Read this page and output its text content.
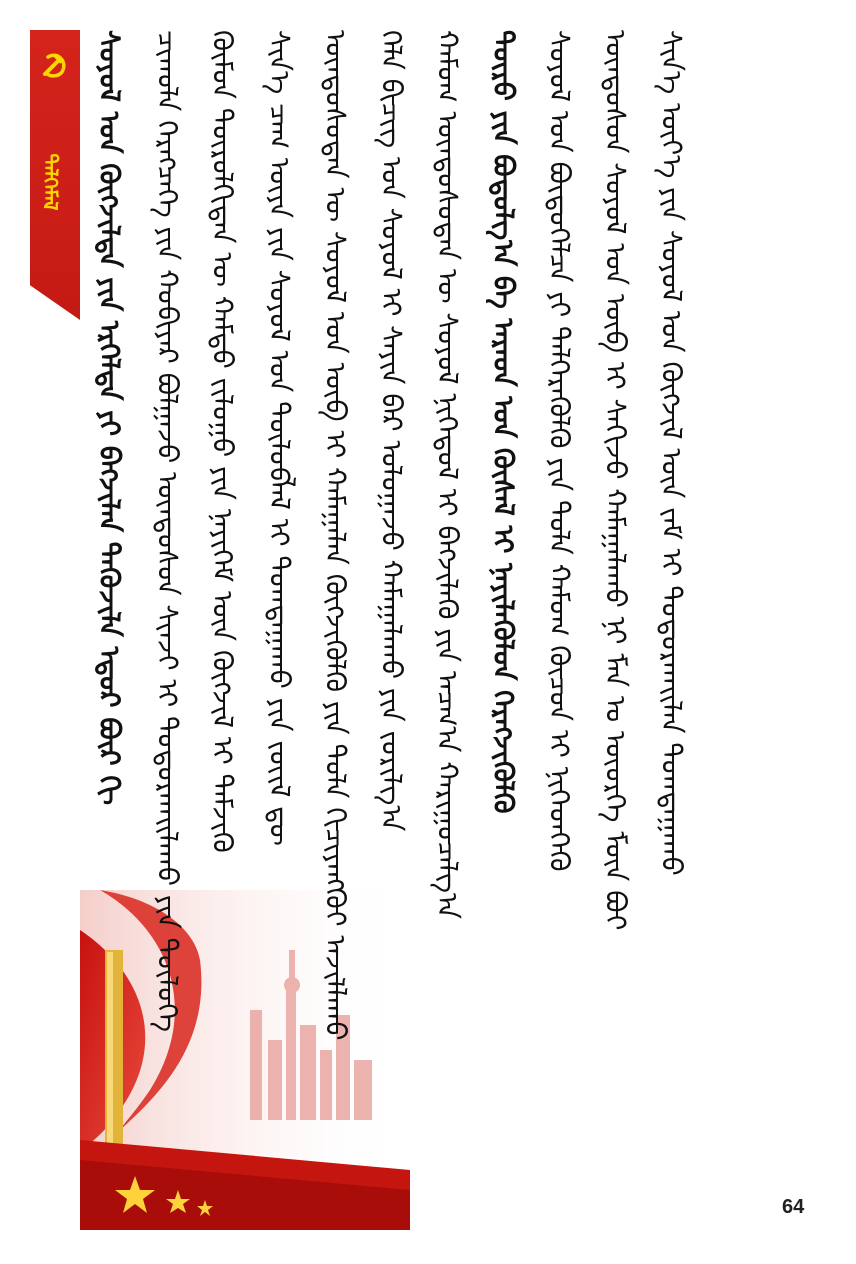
ᠳᠡᠯᠭᠡᠮᠡᠯ	ᠰᠤᠶᠤᠯ ᠤᠨ ᠬᠥᠭᠵᠢᠯᠲᠡ ᠶᠢᠨ ᠡᠷᠭᠡᠯᠲᠡ ᠶᠢ ᠪᠡᠬᠵᠢᠯᠡᠨ ᠲᠡᠭᠦᠵᠢᠯᠡ ᠡᠳᠦᠷ ᠪᠦᠷ ᠬᠢ ᠴᠢᠬᠤᠯᠠ ᠬᠡᠷᠡᠭᠴᠡᠭᠡ ᠶᠢᠨ ᠬᠤᠪᠢᠶᠠᠷ ᠪᠤᠯᠭᠠᠵᠤ ᠦᠨᠳᠦᠰᠦᠨ ᠰᠢᠨᠵᠢ ᠢ ᠲᠤᠳᠤᠷᠬᠠᠢᠯᠠᠬᠤ ᠶᠢᠨ ᠲᠦᠯᠦᠭᠡ ᠬᠦᠮᠦᠨ ᠲᠥᠷᠦᠯᠬᠢᠲᠡᠨ ᠦ ᠬᠠᠮᠲᠤ ᠵᠢᠯᠤᠭᠤ ᠶᠢᠨ ᠨᠡᠶᠢᠭᠡᠮ ᠦᠨ ᠬᠥᠭᠵᠢᠯ ᠢ ᠳᠡᠮᠵᠢᠬᠦ ᠰᠢᠨ᠎ᠡ ᠴᠠᠭ ᠦᠶᠡ ᠶᠢᠨ ᠰᠤᠶᠤᠯ ᠤᠨ ᠲᠥᠯᠦᠪᠯᠡᠯ ᠢ ᠲᠣᠭᠲᠠᠭᠠᠬᠤ ᠶᠢᠨ ᠵᠦᠢᠯ ᠳᠦ ᠦᠨᠳᠦᠰᠦᠲᠡᠨ ᠦ ᠰᠤᠶᠤᠯ ᠤᠨ ᠥᠪ ᠢ ᠬᠠᠮᠠᠭᠠᠯᠠᠨ ᠬᠥᠭᠵᠢᠭᠦᠯᠬᠦ ᠶᠢᠨ ᠲᠤᠯᠠ ᠬᠢᠴᠢᠶᠡᠩᠭᠦᠢ ᠠᠵᠢᠯᠯᠠᠬᠤ ᠬᠡᠯᠡ ᠪᠢᠴᠢᠭ ᠤᠨ ᠰᠤᠶᠤᠯ ᠢ ᠰᠠᠶᠢᠨ ᠪᠠᠷ ᠤᠯᠤᠭᠠᠵᠤ ᠬᠠᠮᠠᠭᠠᠯᠠᠬᠤ ᠶᠢᠨ ᠵᠣᠷᠢᠯᠭ᠎ᠠ ᠬᠠᠮᠤᠭ ᠦᠨᠳᠦᠰᠦᠲᠡᠨ ᠦ ᠰᠤᠶᠤᠯ ᠨᠢᠭᠡᠳᠦᠯ ᠢ ᠪᠡᠬᠵᠢᠯᠡᠬᠦ ᠶᠢᠨ ᠠᠴᠬ᠎ᠠ ᠬᠠᠷᠢᠭᠤᠴᠠᠯᠭ᠎ᠠ ᠲᠥᠷᠦ ᠶᠢᠨ ᠪᠣᠳᠣᠯᠭ᠎ᠠ ᠪᠠ ᠠᠷᠠᠳ ᠤᠨ ᠬᠦᠰᠡᠯ ᠢ ᠨᠡᠶᠢᠯᠡᠭᠦᠯᠦᠨ ᠬᠡᠷᠡᠭᠵᠢᠭᠦᠯᠬᠦ ᠰᠤᠶᠤᠯ ᠤᠨ ᠪᠦᠲᠦᠭᠡᠯᠴᠡ ᠶᠢ ᠳᠡᠯᠭᠡᠷᠡᠭᠦᠯᠬᠦ ᠶᠢᠨ ᠲᠤᠯᠠ ᠬᠠᠮᠤᠭ ᠬᠦᠴᠦᠨ ᠢ ᠨᠢᠭᠡᠳᠭᠡᠬᠦ ᠦᠨᠳᠦᠰᠦᠨ ᠰᠤᠶᠤᠯ ᠤᠨ ᠥᠪ ᠢ ᠰᠠᠬᠢᠵᠤ ᠬᠠᠮᠠᠭᠠᠯᠠᠬᠤ ᠨᠢ ᠮᠠᠨ ᠤ ᠦᠦᠷᠭᠡ ᠮᠥᠨ ᠪᠣᠢ ᠰᠢᠨ᠎ᠡ ᠦᠶ᠎ᠡ ᠶᠢᠨ ᠰᠤᠶᠤᠯ ᠤᠨ ᠬᠥᠭᠵᠢᠯ ᠦᠨ ᠵᠠᠮ ᠢ ᠲᠣᠳᠤᠷᠬᠠᠢᠯᠠᠨ ᠲᠣᠭᠲᠠᠭᠠᠬᠤ
64
